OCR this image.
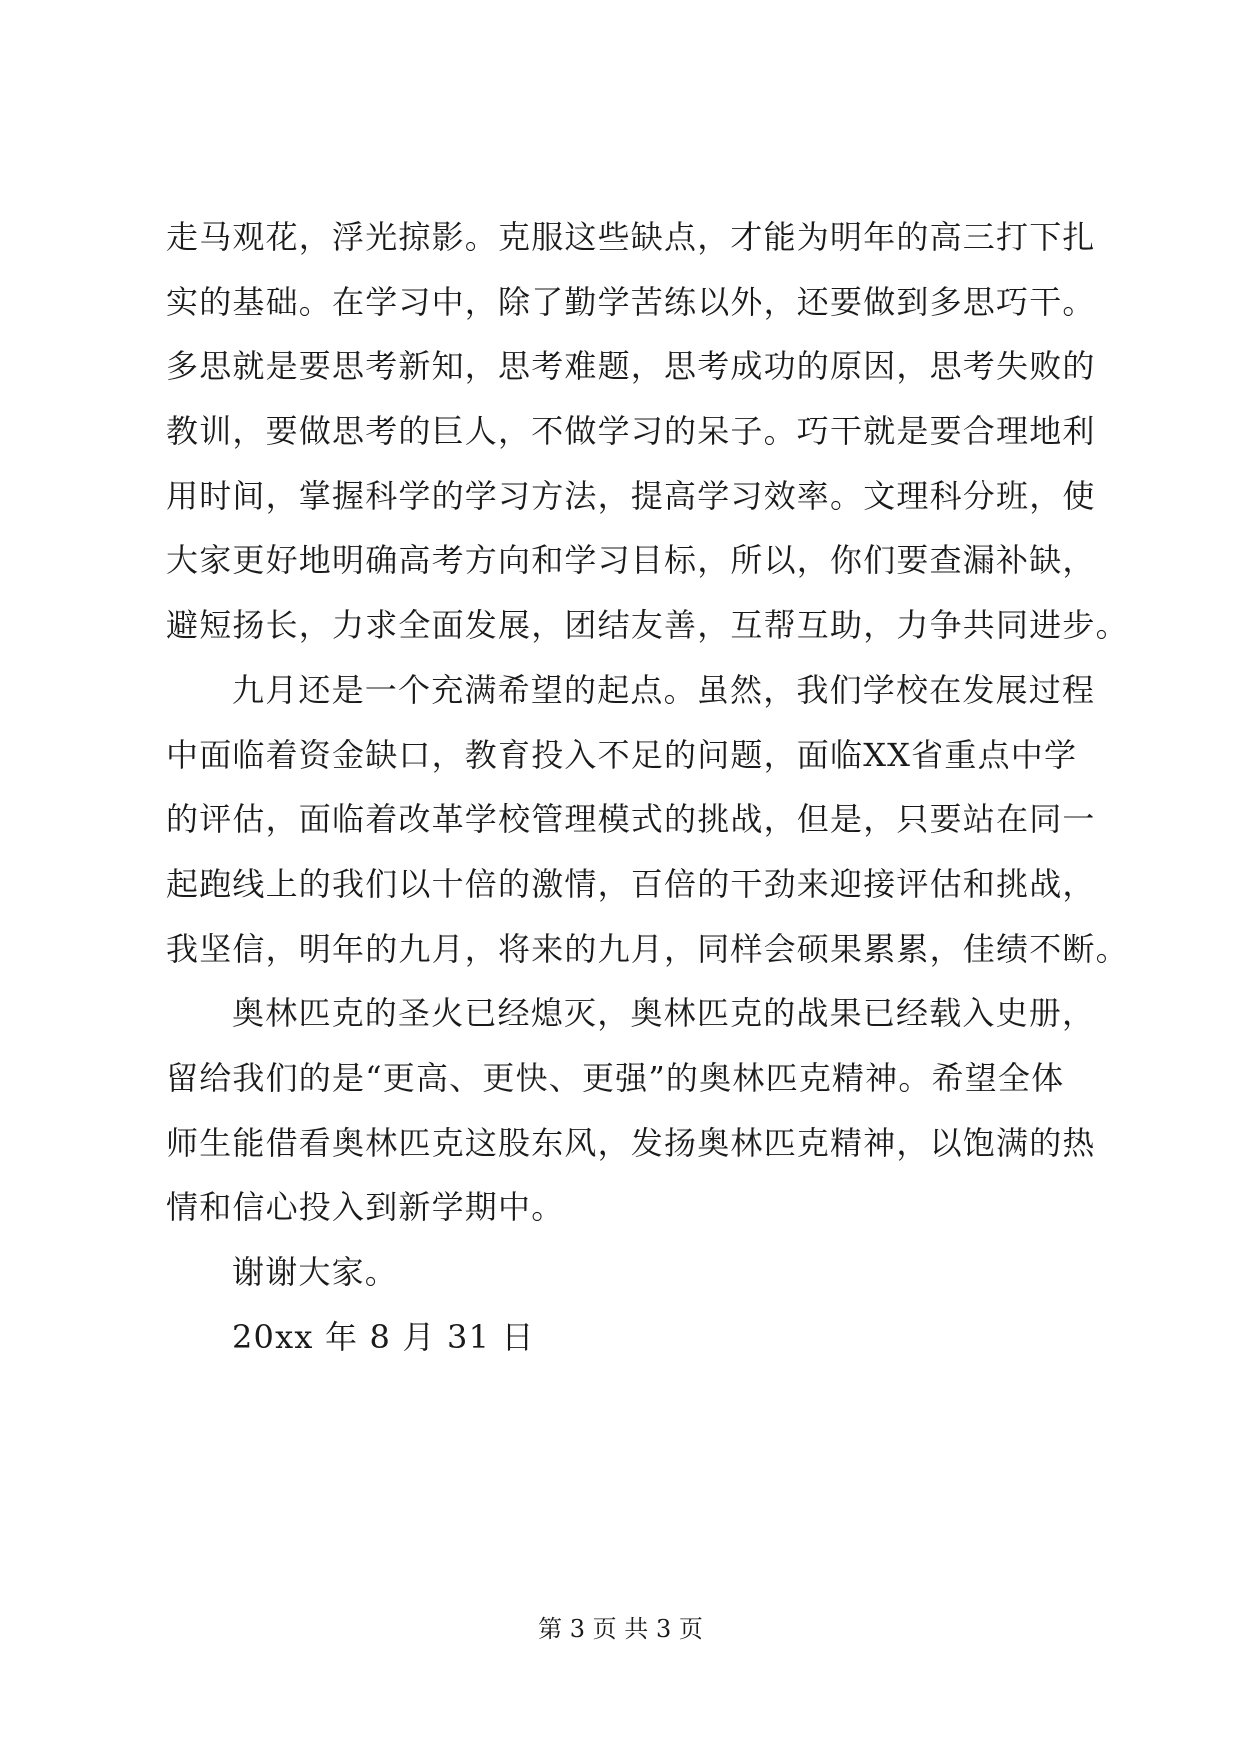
走马观花，浮光掠影。克服这些缺点，才能为明年的高三打下扎
实的基础。在学习中，除了勤学苦练以外，还要做到多思巧干。
多思就是要思考新知，思考难题，思考成功的原因，思考失败的
教训，要做思考的巨人，不做学习的呆子。巧干就是要合理地利
用时间，掌握科学的学习方法，提高学习效率。文理科分班，使
大家更好地明确高考方向和学习目标，所以，你们要查漏补缺，
避短扬长，力求全面发展，团结友善，互帮互助，力争共同进步。
九月还是一个充满希望的起点。虽然，我们学校在发展过程
中面临着资金缺口，教育投入不足的问题，面临XX省重点中学
的评估，面临着改革学校管理模式的挑战，但是，只要站在同一
起跑线上的我们以十倍的激情，百倍的干劲来迎接评估和挑战，
我坚信，明年的九月，将来的九月，同样会硕果累累，佳绩不断。
奥林匹克的圣火已经熄灭，奥林匹克的战果已经载入史册，
留给我们的是“更高、更快、更强”的奥林匹克精神。希望全体
师生能借看奥林匹克这股东风，发扬奥林匹克精神，以饱满的热
情和信心投入到新学期中。
谢谢大家。
20xx 年 8 月 31 日
第 3 页 共 3 页
